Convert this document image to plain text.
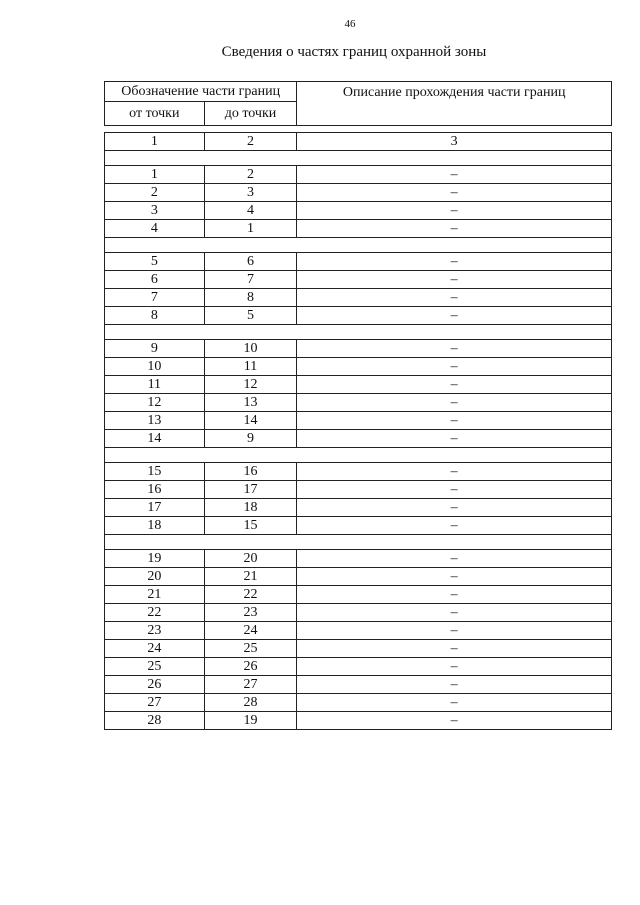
46
Сведения о частях границ охранной зоны
Обозначение части границ		Описание прохождения части границ
от точки	до точки	

1	2	3

1	2	–
2	3	–
3	4	–
4	1	–

5	6	–
6	7	–
7	8	–
8	5	–

9	10	–
10	11	–
11	12	–
12	13	–
13	14	–
14	9	–

15	16	–
16	17	–
17	18	–
18	15	–

19	20	–
20	21	–
21	22	–
22	23	–
23	24	–
24	25	–
25	26	–
26	27	–
27	28	–
28	19	–
